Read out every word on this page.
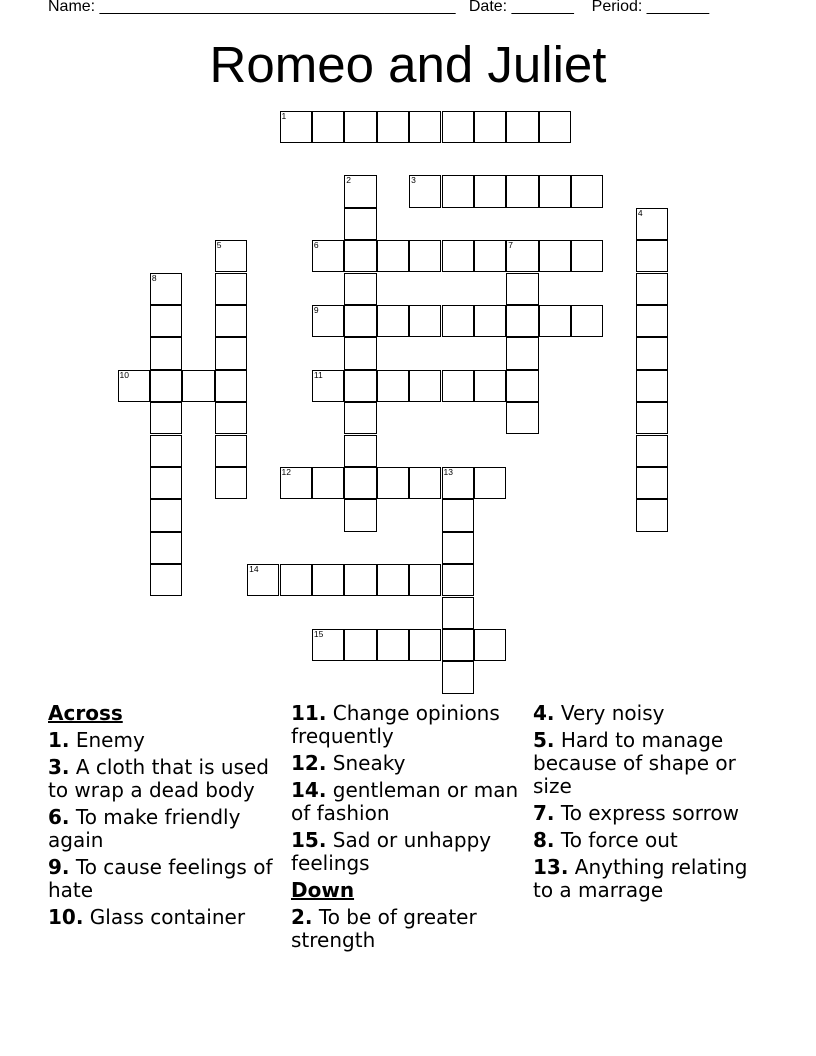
Name: ________________________________________ Date: _______ Period: _______
Romeo and Juliet
1
2	3
4
5	6	7
8
9
10	11
12	13
14
15
Across
1. Enemy
3. A cloth that is used to wrap a dead body
6. To make friendly again
9. To cause feelings of hate
10. Glass container
11. Change opinions frequently
12. Sneaky
14. gentleman or man of fashion
15. Sad or unhappy feelings
Down
2. To be of greater strength
4. Very noisy
5. Hard to manage because of shape or size
7. To express sorrow
8. To force out
13. Anything relating to a marrage
